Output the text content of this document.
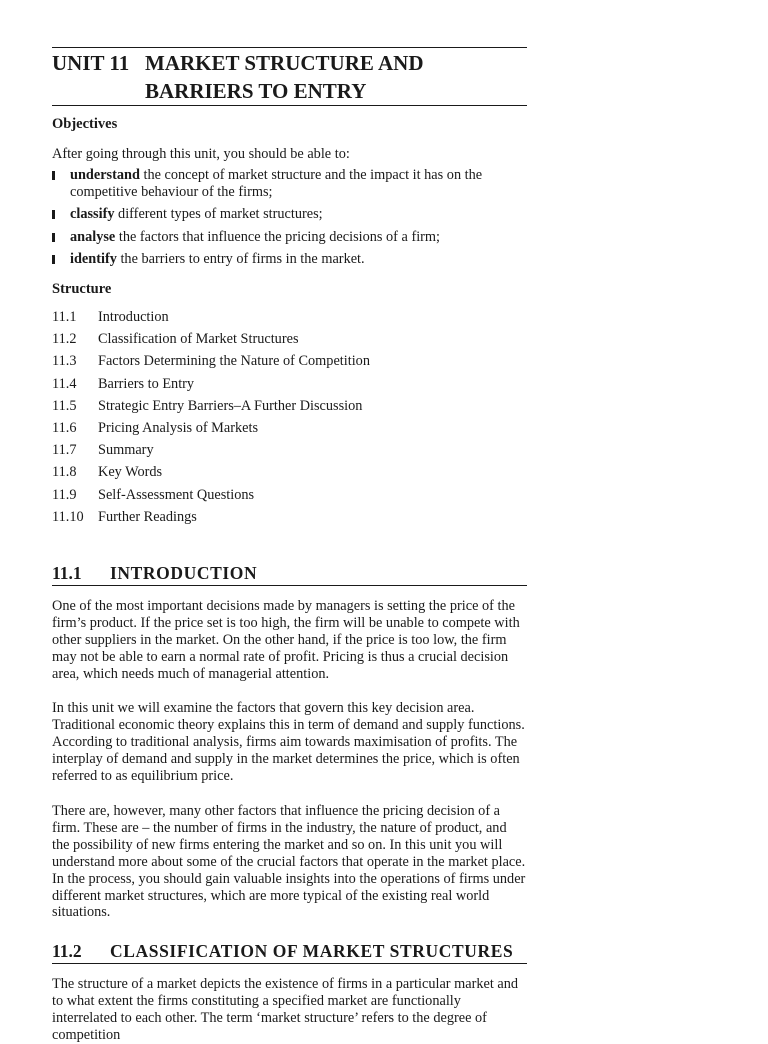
UNIT 11 MARKET STRUCTURE AND
BARRIERS TO ENTRY
Objectives
After going through this unit, you should be able to:
understand the concept of market structure and the impact it has on the competitive behaviour of the firms;
classify different types of market structures;
analyse the factors that influence the pricing decisions of a firm;
identify the barriers to entry of firms in the market.
Structure
11.1	Introduction
11.2	Classification of Market Structures
11.3	Factors Determining the Nature of Competition
11.4	Barriers to Entry
11.5	Strategic Entry Barriers–A Further Discussion
11.6	Pricing Analysis of Markets
11.7	Summary
11.8	Key Words
11.9	Self-Assessment Questions
11.10	Further Readings
11.1	INTRODUCTION
One of the most important decisions made by managers is setting the price of the firm’s product. If the price set is too high, the firm will be unable to compete with other suppliers in the market. On the other hand, if the price is too low, the firm may not be able to earn a normal rate of profit. Pricing is thus a crucial decision area, which needs much of managerial attention.
In this unit we will examine the factors that govern this key decision area. Traditional economic theory explains this in term of demand and supply functions. According to traditional analysis, firms aim towards maximisation of profits. The interplay of demand and supply in the market determines the price, which is often referred to as equilibrium price.
There are, however, many other factors that influence the pricing decision of a firm. These are – the number of firms in the industry, the nature of product, and the possibility of new firms entering the market and so on. In this unit you will understand more about some of the crucial factors that operate in the market place. In the process, you should gain valuable insights into the operations of firms under different market structures, which are more typical of the existing real world situations.
11.2	CLASSIFICATION OF MARKET STRUCTURES
The structure of a market depicts the existence of firms in a particular market and to what extent the firms constituting a specified market are functionally interrelated to each other. The term ‘market structure’ refers to the degree of competition
